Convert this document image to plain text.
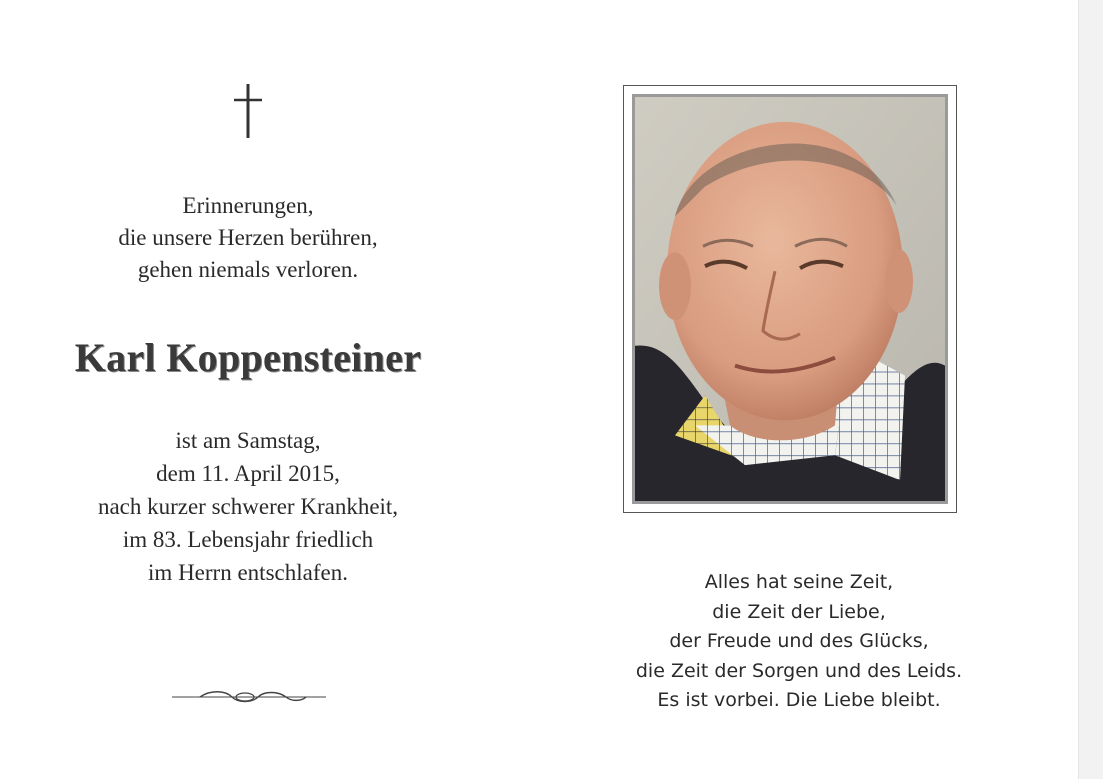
Erinnerungen,
die unsere Herzen berühren,
gehen niemals verloren.
Karl Koppensteiner
ist am Samstag,
dem 11. April 2015,
nach kurzer schwerer Krankheit,
im 83. Lebensjahr friedlich
im Herrn entschlafen.	Alles hat seine Zeit,
die Zeit der Liebe,
der Freude und des Glücks,
die Zeit der Sorgen und des Leids.
Es ist vorbei. Die Liebe bleibt.
